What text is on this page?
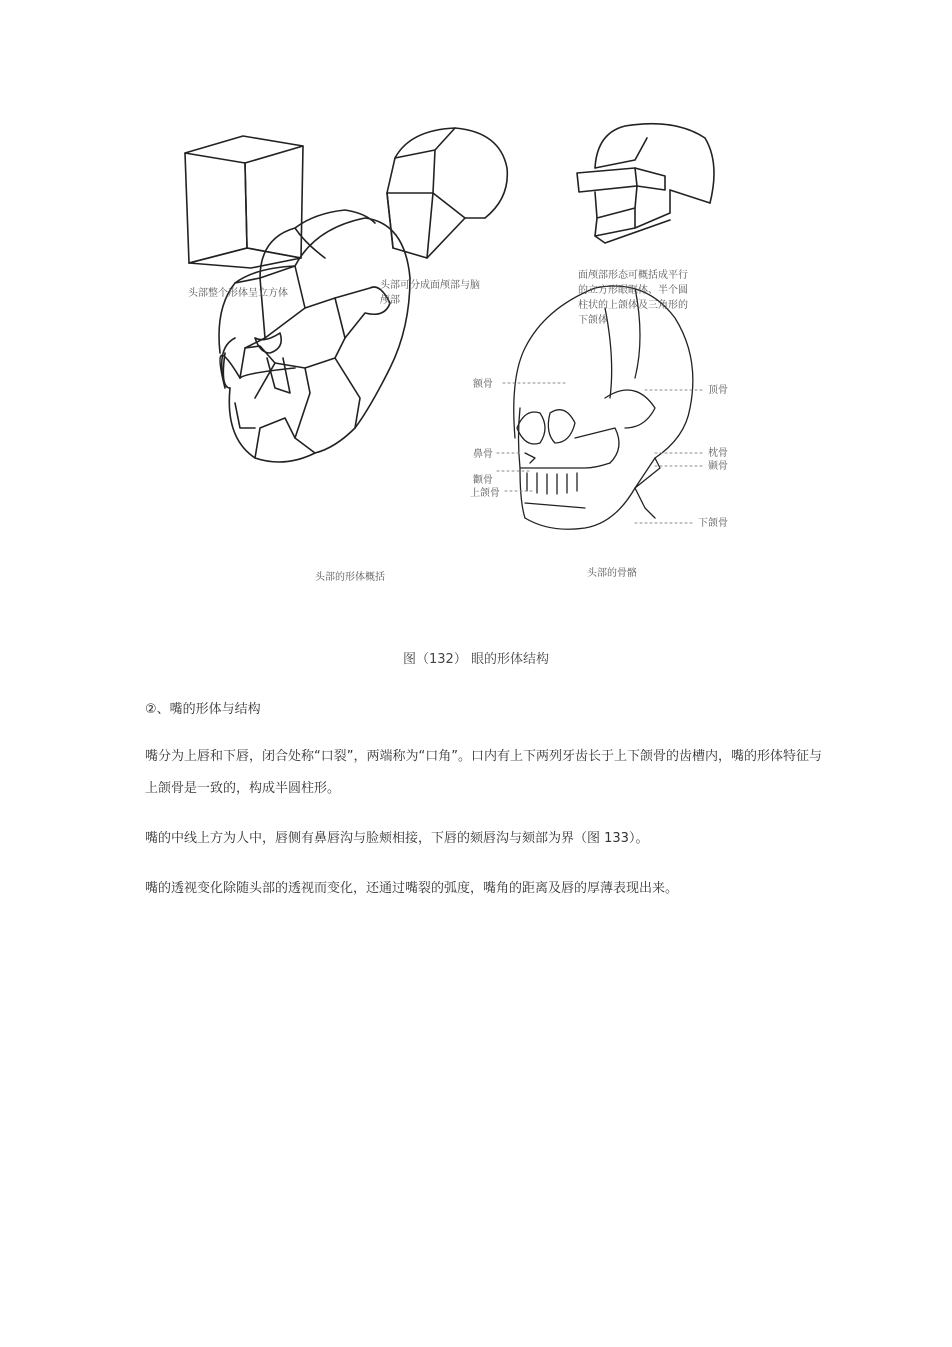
头部整个形体呈立方体
头部可分成面颅部与脑
颅部
面颅部形态可概括成平行
的立方形眼眶体、半个圆
柱状的上颌体及三角形的
下颌体
头部的形体概括	头部的骨骼
额骨
顶骨
鼻骨
颧骨
上颌骨
枕骨
颞骨
下颌骨
图（132） 眼的形体结构
②、嘴的形体与结构
嘴分为上唇和下唇，闭合处称“口裂”，两端称为“口角”。口内有上下两列牙齿长于上下颌骨的齿槽内，嘴的形体特征与上颌骨是一致的，构成半圆柱形。
嘴的中线上方为人中，唇侧有鼻唇沟与脸颊相接，下唇的颏唇沟与颏部为界（图 133）。
嘴的透视变化除随头部的透视而变化，还通过嘴裂的弧度，嘴角的距离及唇的厚薄表现出来。
